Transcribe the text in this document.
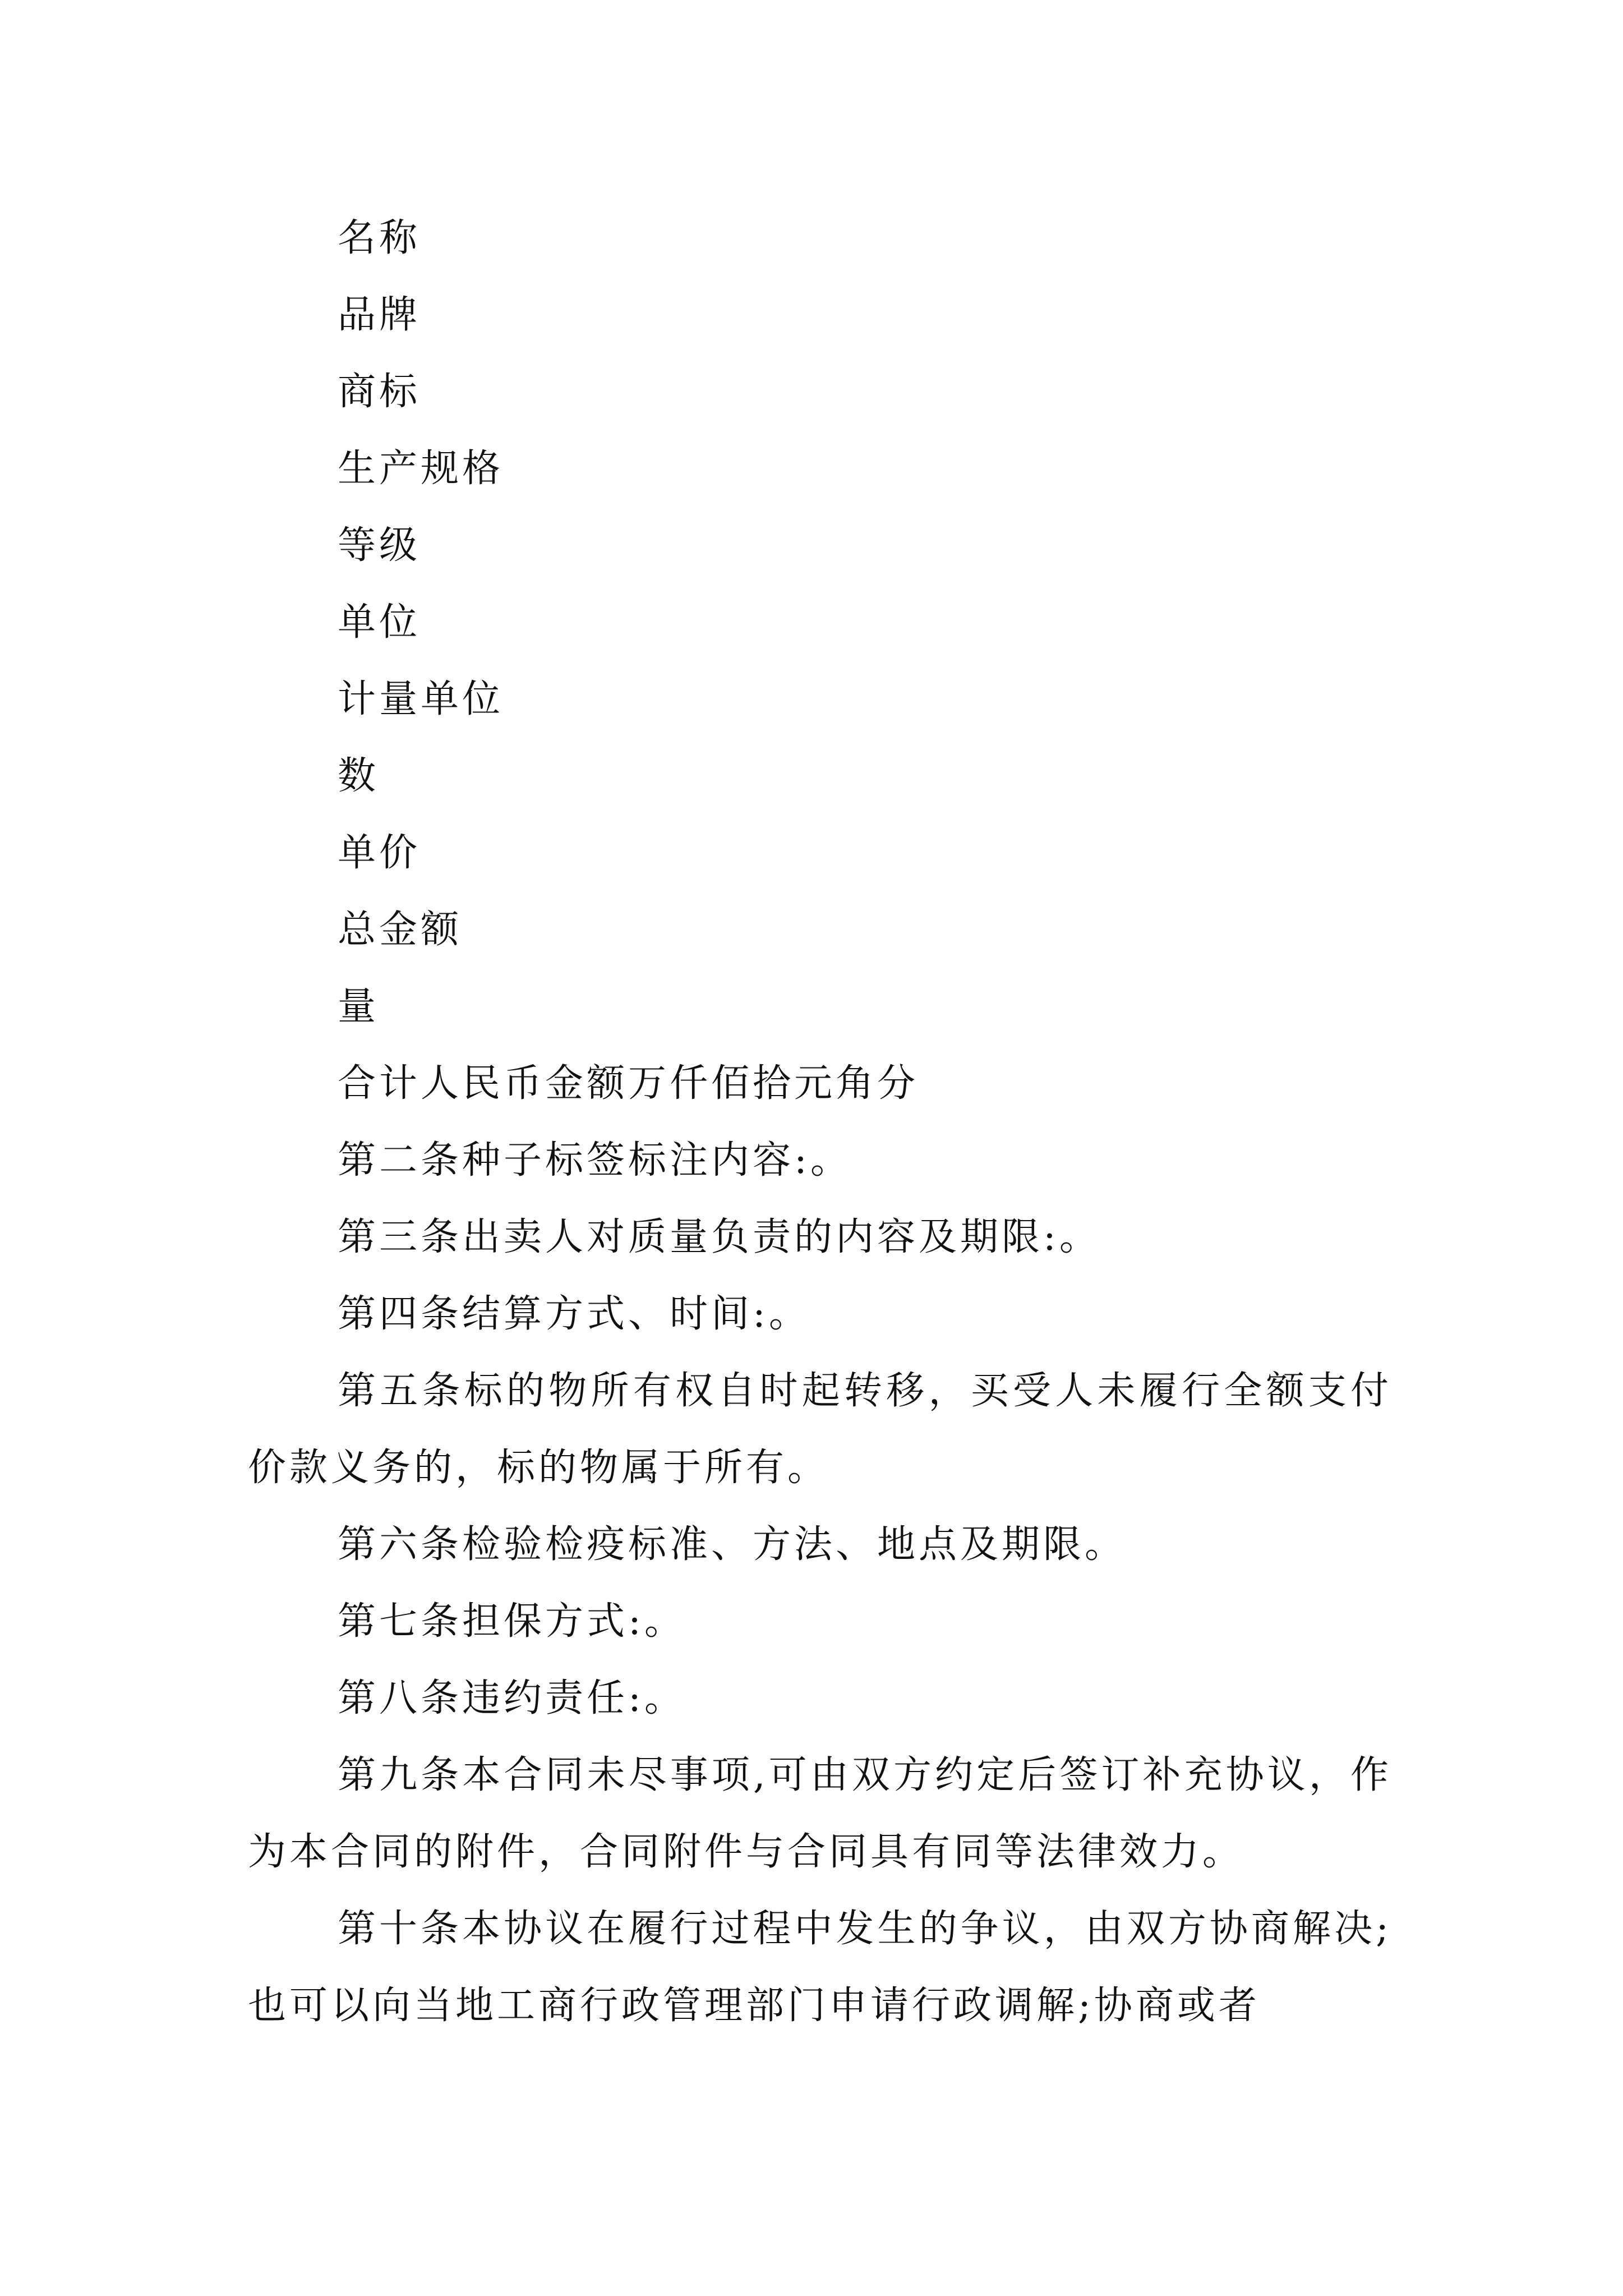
名称
品牌
商标
生产规格
等级
单位
计量单位
数
单价
总金额
量
合计人民币金额万仟佰拾元角分

第二条种子标签标注内容:。

第三条出卖人对质量负责的内容及期限:。

第四条结算方式、时间:。

第五条标的物所有权自时起转移，买受人未履行全额支付价款义务的，标的物属于所有。

第六条检验检疫标准、方法、地点及期限。

第七条担保方式:。

第八条违约责任:。

第九条本合同未尽事项,可由双方约定后签订补充协议，作为本合同的附件，合同附件与合同具有同等法律效力。

第十条本协议在履行过程中发生的争议，由双方协商解决;也可以向当地工商行政管理部门申请行政调解;协商或者
